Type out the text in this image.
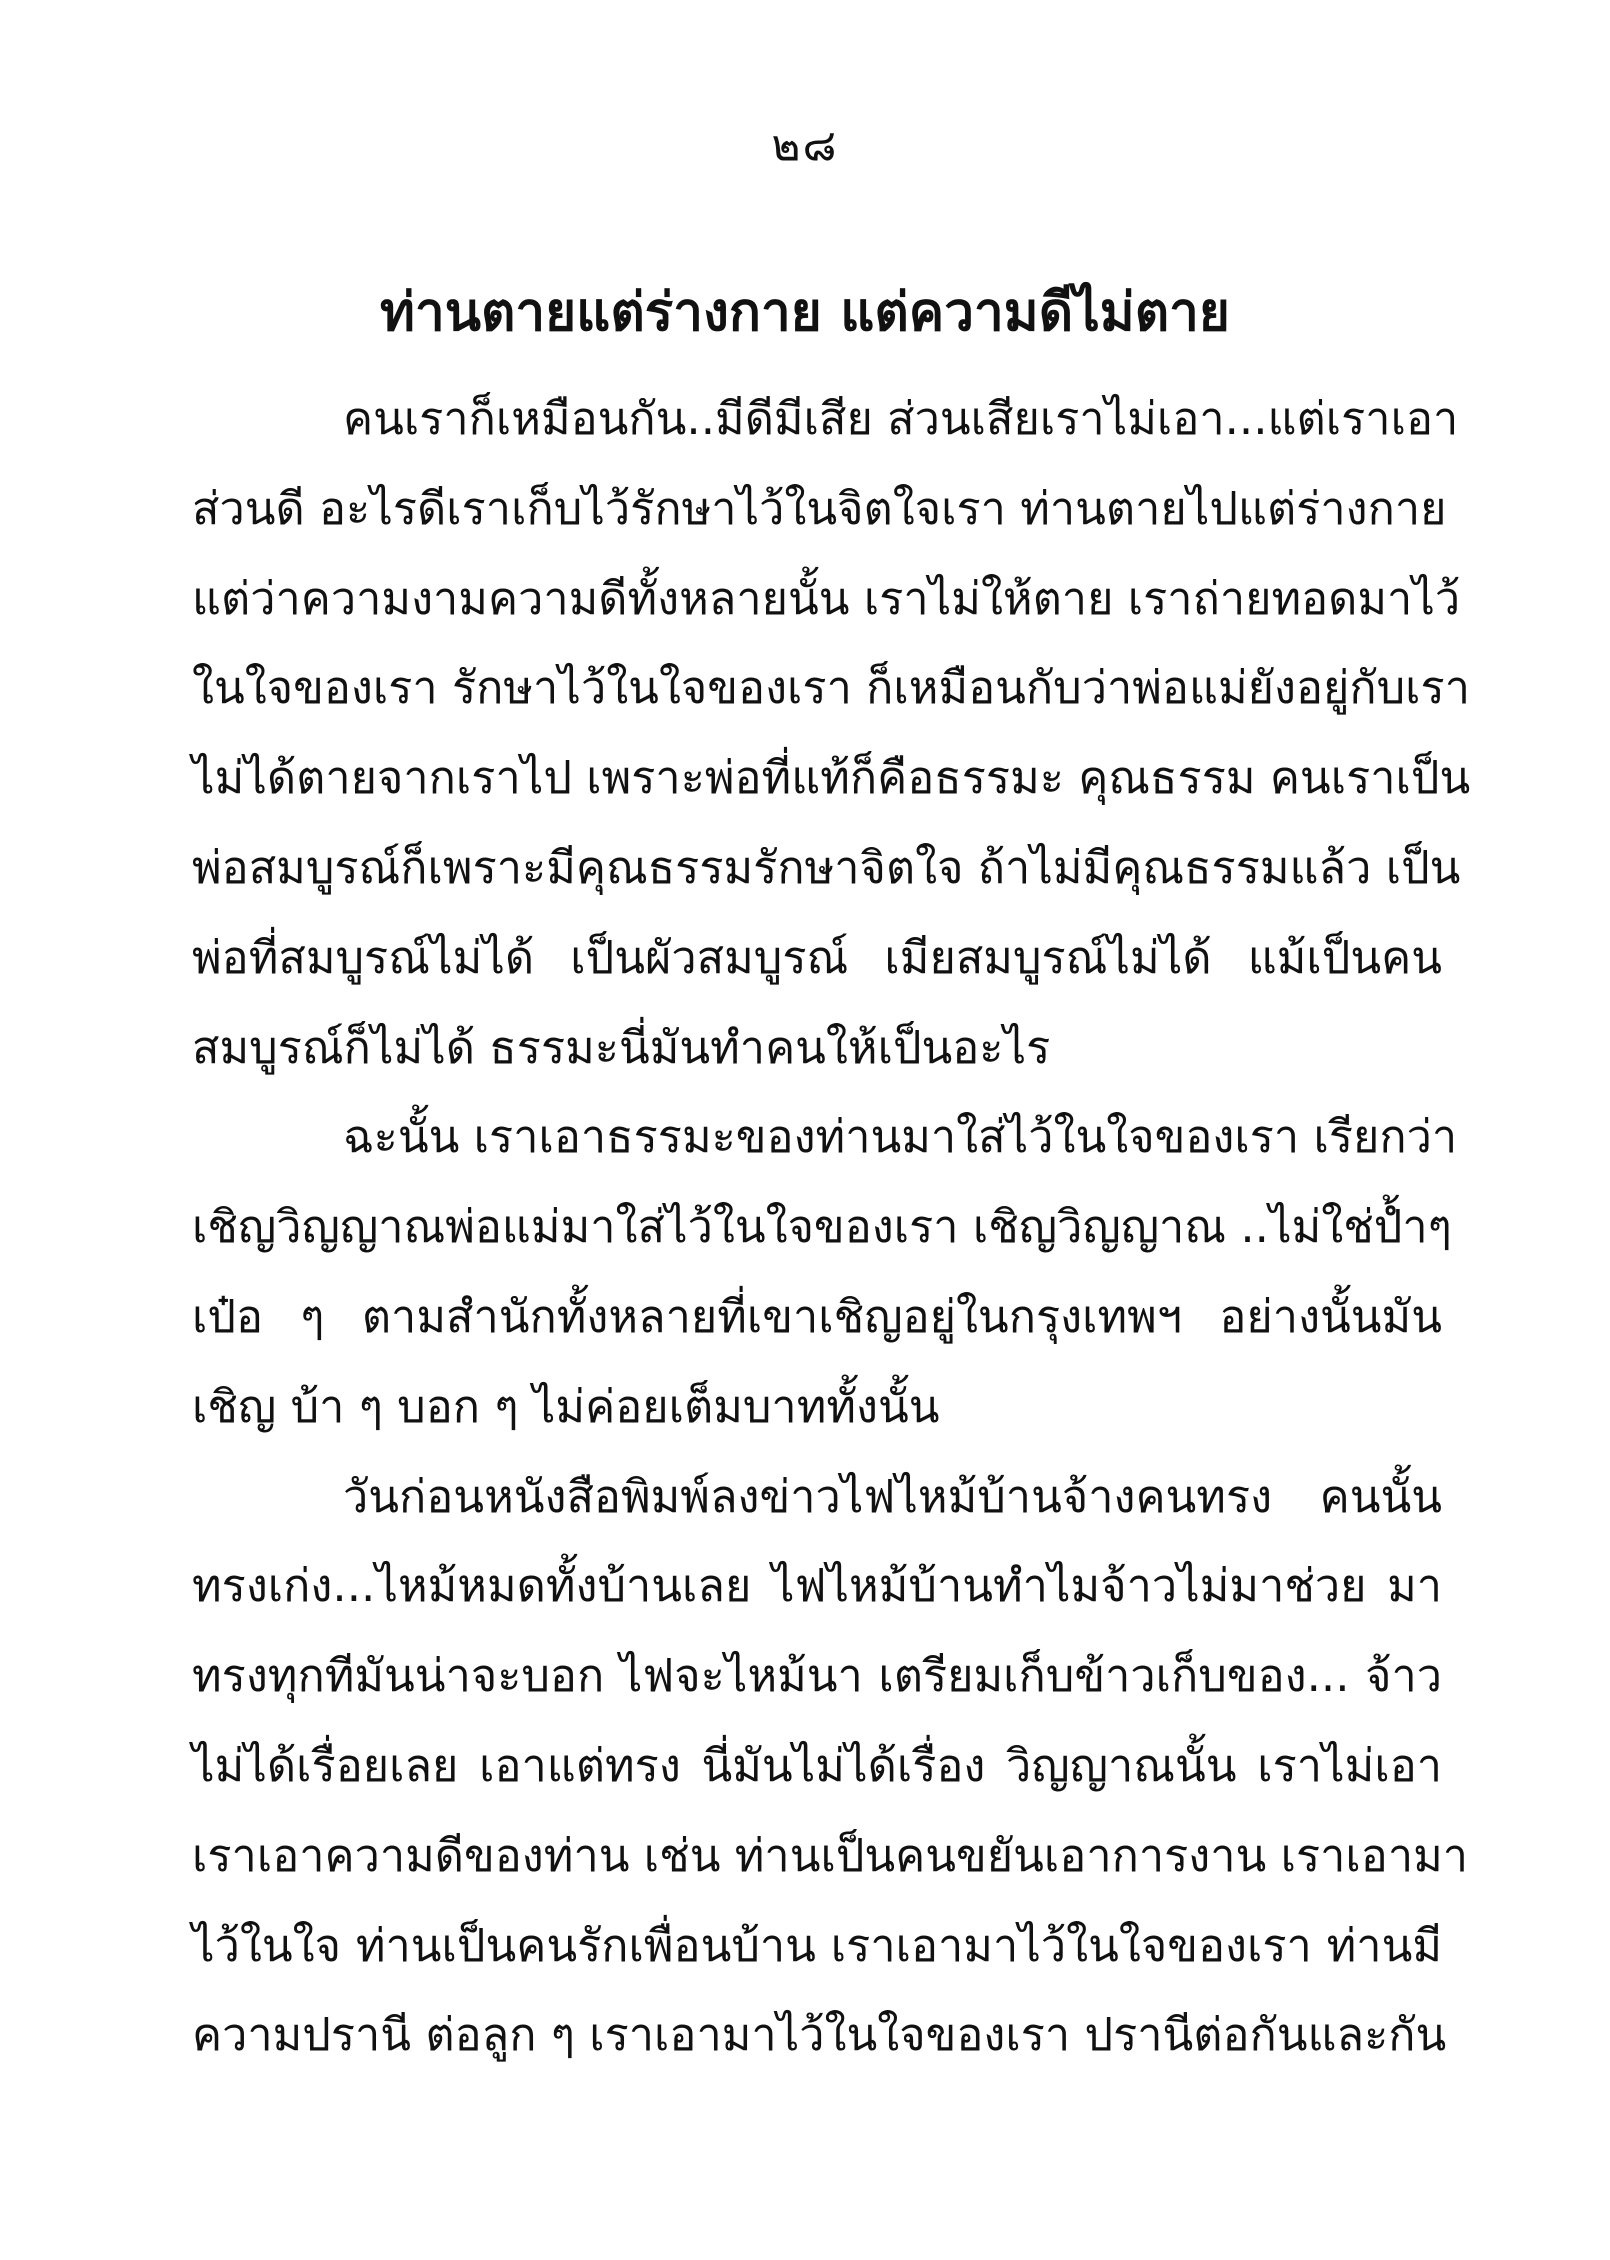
๒๘
ท่านตายแต่ร่างกาย แต่ความดีไม่ตาย
คนเราก็เหมือนกัน..มีดีมีเสีย ส่วนเสียเราไม่เอา...แต่เราเอา
ส่วนดี อะไรดีเราเก็บไว้รักษาไว้ในจิตใจเรา ท่านตายไปแต่ร่างกาย
แต่ว่าความงามความดีทั้งหลายนั้น เราไม่ให้ตาย เราถ่ายทอดมาไว้
ในใจของเรา รักษาไว้ในใจของเรา ก็เหมือนกับว่าพ่อแม่ยังอยู่กับเรา
ไม่ได้ตายจากเราไป เพราะพ่อที่แท้ก็คือธรรมะ คุณธรรม คนเราเป็น
พ่อสมบูรณ์ก็เพราะมีคุณธรรมรักษาจิตใจ ถ้าไม่มีคุณธรรมแล้ว เป็น
พ่อที่สมบูรณ์ไม่ได้ เป็นผัวสมบูรณ์ เมียสมบูรณ์ไม่ได้ แม้เป็นคน
สมบูรณ์ก็ไม่ได้ ธรรมะนี่มันทำคนให้เป็นอะไร
ฉะนั้น เราเอาธรรมะของท่านมาใส่ไว้ในใจของเรา เรียกว่า
เชิญวิญญาณพ่อแม่มาใส่ไว้ในใจของเรา เชิญวิญญาณ ..ไม่ใช่ป้ำๆ
เป๋อ ๆ ตามสำนักทั้งหลายที่เขาเชิญอยู่ในกรุงเทพฯ อย่างนั้นมัน
เชิญ บ้า ๆ บอก ๆ ไม่ค่อยเต็มบาททั้งนั้น
วันก่อนหนังสือพิมพ์ลงข่าวไฟไหม้บ้านจ้างคนทรง คนนั้น
ทรงเก่ง...ไหม้หมดทั้งบ้านเลย ไฟไหม้บ้านทำไมจ้าวไม่มาช่วย มา
ทรงทุกทีมันน่าจะบอก ไฟจะไหม้นา เตรียมเก็บข้าวเก็บของ... จ้าว
ไม่ได้เรื่อยเลย เอาแต่ทรง นี่มันไม่ได้เรื่อง วิญญาณนั้น เราไม่เอา
เราเอาความดีของท่าน เช่น ท่านเป็นคนขยันเอาการงาน เราเอามา
ไว้ในใจ ท่านเป็นคนรักเพื่อนบ้าน เราเอามาไว้ในใจของเรา ท่านมี
ความปรานี ต่อลูก ๆ เราเอามาไว้ในใจของเรา ปรานีต่อกันและกัน
